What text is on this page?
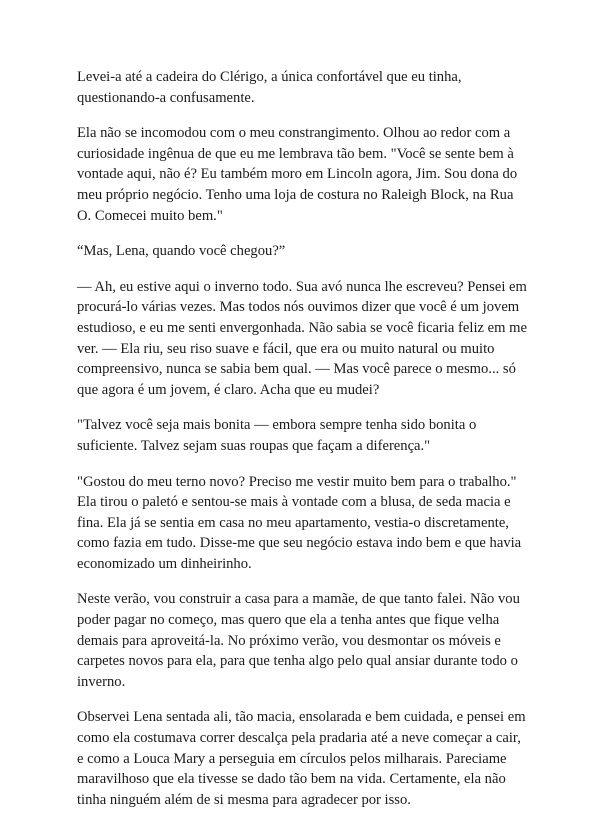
Levei-a até a cadeira do Clérigo, a única confortável que eu tinha, questionando-a confusamente.

Ela não se incomodou com o meu constrangimento. Olhou ao redor com a curiosidade ingênua de que eu me lembrava tão bem. "Você se sente bem à vontade aqui, não é? Eu também moro em Lincoln agora, Jim. Sou dona do meu próprio negócio. Tenho uma loja de costura no Raleigh Block, na Rua O. Comecei muito bem."

“Mas, Lena, quando você chegou?”

— Ah, eu estive aqui o inverno todo. Sua avó nunca lhe escreveu? Pensei em procurá-lo várias vezes. Mas todos nós ouvimos dizer que você é um jovem estudioso, e eu me senti envergonhada. Não sabia se você ficaria feliz em me ver. — Ela riu, seu riso suave e fácil, que era ou muito natural ou muito compreensivo, nunca se sabia bem qual. — Mas você parece o mesmo... só que agora é um jovem, é claro. Acha que eu mudei?

"Talvez você seja mais bonita — embora sempre tenha sido bonita o suficiente. Talvez sejam suas roupas que façam a diferença."

"Gostou do meu terno novo? Preciso me vestir muito bem para o trabalho." Ela tirou o paletó e sentou-se mais à vontade com a blusa, de seda macia e fina. Ela já se sentia em casa no meu apartamento, vestia-o discretamente, como fazia em tudo. Disse-me que seu negócio estava indo bem e que havia economizado um dinheirinho.

Neste verão, vou construir a casa para a mamãe, de que tanto falei. Não vou poder pagar no começo, mas quero que ela a tenha antes que fique velha demais para aproveitá-la. No próximo verão, vou desmontar os móveis e carpetes novos para ela, para que tenha algo pelo qual ansiar durante todo o inverno.

Observei Lena sentada ali, tão macia, ensolarada e bem cuidada, e pensei em como ela costumava correr descalça pela pradaria até a neve começar a cair, e como a Louca Mary a perseguia em círculos pelos milharais. Pareciame maravilhoso que ela tivesse se dado tão bem na vida. Certamente, ela não tinha ninguém além de si mesma para agradecer por isso.
